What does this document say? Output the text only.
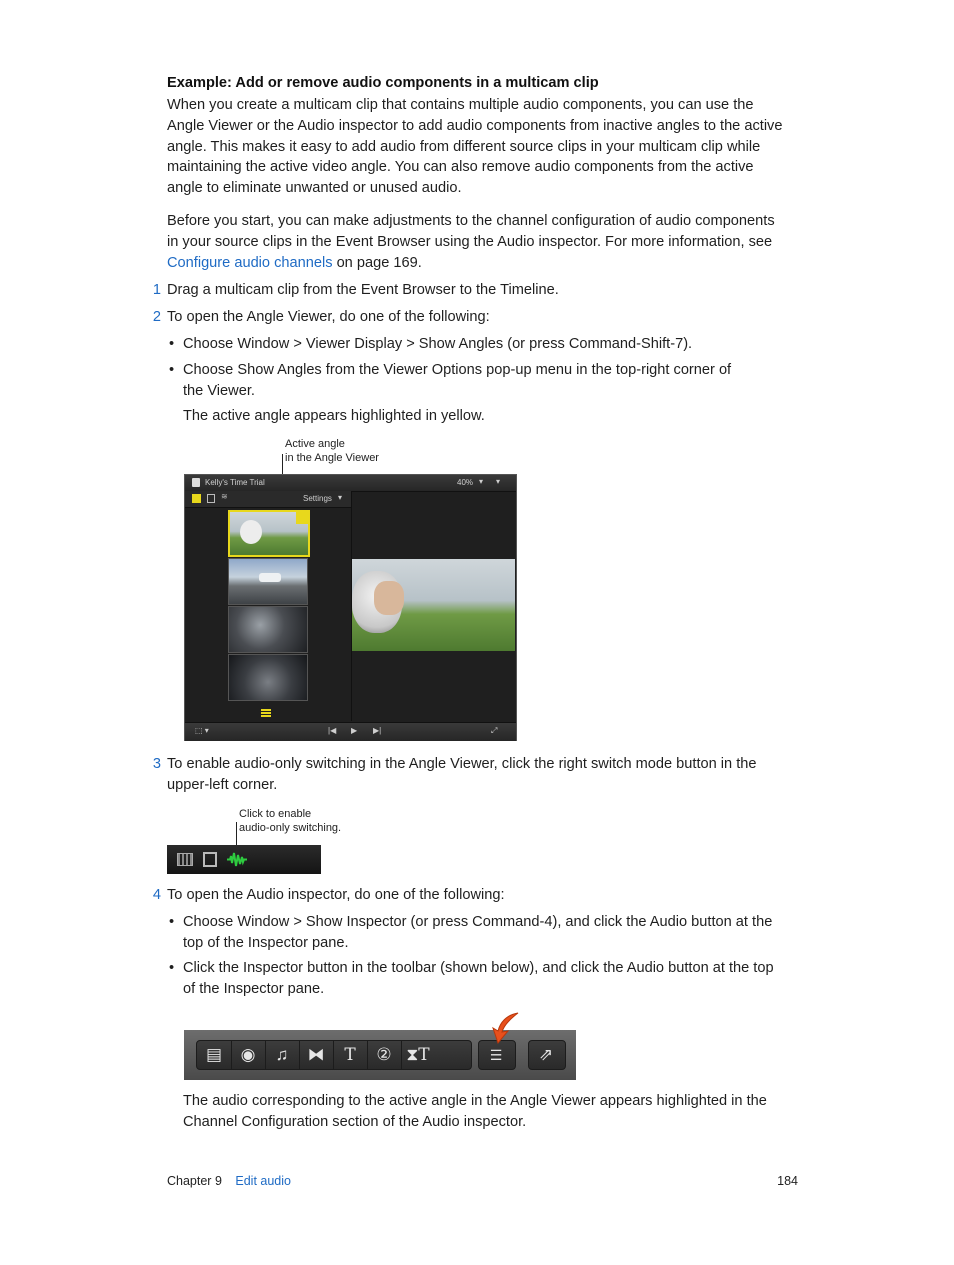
Example: Add or remove audio components in a multicam clip
When you create a multicam clip that contains multiple audio components, you can use the
Angle Viewer or the Audio inspector to add audio components from inactive angles to the active
angle. This makes it easy to add audio from different source clips in your multicam clip while
maintaining the active video angle. You can also remove audio components from the active
angle to eliminate unwanted or unused audio.
Before you start, you can make adjustments to the channel configuration of audio components
in your source clips in the Event Browser using the Audio inspector. For more information, see
Configure audio channels on page 169.
1 Drag a multicam clip from the Event Browser to the Timeline.
2 To open the Angle Viewer, do one of the following:
• Choose Window > Viewer Display > Show Angles (or press Command-Shift-7).
• Choose Show Angles from the Viewer Options pop-up menu in the top-right corner of
the Viewer.
The active angle appears highlighted in yellow.
Active angle
in the Angle Viewer
Kelly's Time Trial	40% ▾ ▾
≋	Settings ▾
⬚ ▾	|◀ ▶ ▶|	⤢
3 To enable audio-only switching in the Angle Viewer, click the right switch mode button in the
upper-left corner.
Click to enable
audio-only switching.
4 To open the Audio inspector, do one of the following:
• Choose Window > Show Inspector (or press Command-4), and click the Audio button at the
top of the Inspector pane.
• Click the Inspector button in the toolbar (shown below), and click the Audio button at the top
of the Inspector pane.
▤	◉	♫	⧓	T	② ⧗T	☰	⇗
The audio corresponding to the active angle in the Angle Viewer appears highlighted in the
Channel Configuration section of the Audio inspector.
Chapter 9 Edit audio	184
